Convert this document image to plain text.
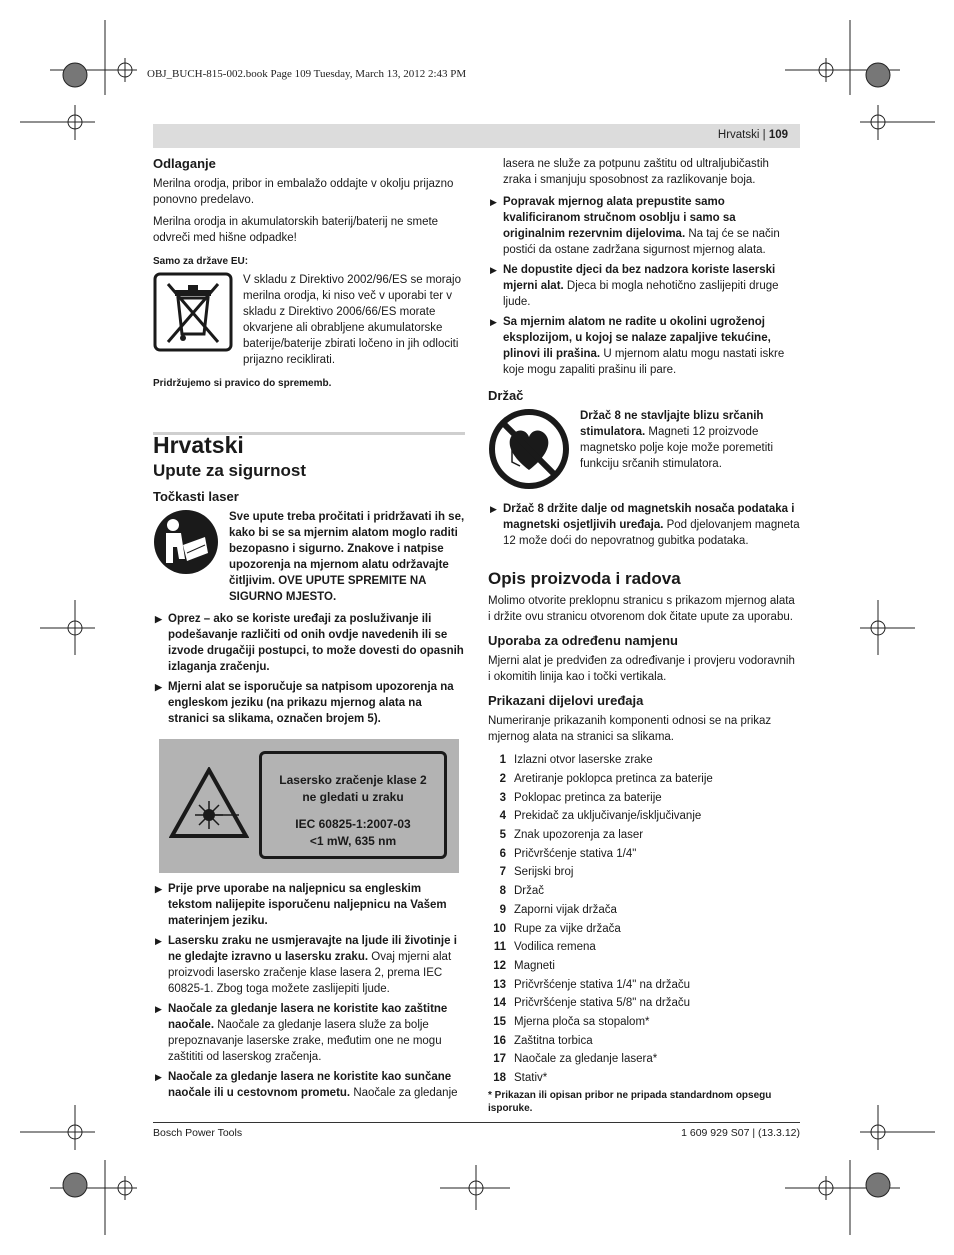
OBJ_BUCH-815-002.book Page 109 Tuesday, March 13, 2012 2:43 PM
Hrvatski | 109
Odlaganje

Merilna orodja, pribor in embalažo oddajte v okolju prijazno ponovno predelavo.

Merilna orodja in akumulatorskih baterij/baterij ne smete odvreči med hišne odpadke!

Samo za države EU:
V skladu z Direktivo 2002/96/ES se morajo merilna orodja, ki niso več v uporabi ter v skladu z Direktivo 2006/66/ES morate okvarjene ali obrabljene akumulatorske baterije/baterije zbirati ločeno in jih odlociti prijazno reciklirati.
Pridržujemo si pravico do sprememb.
Hrvatski
Upute za sigurnost
Točkasti laser
Sve upute treba pročitati i pridržavati ih se, kako bi se sa mjernim alatom moglo raditi bezopasno i sigurno. Znakove i natpise upozorenja na mjernom alatu održavajte čitljivim. OVE UPUTE SPREMITE NA SIGURNO MJESTO.
▶ Oprez – ako se koriste uređaji za posluživanje ili podešavanje različiti od onih ovdje navedenih ili se izvode drugačiji postupci, to može dovesti do opasnih izlaganja zračenju.
▶ Mjerni alat se isporučuje sa natpisom upozorenja na engleskom jeziku (na prikazu mjernog alata na stranici sa slikama, označen brojem 5).
Lasersko zračenje klase 2
ne gledati u zraku
IEC 60825-1:2007-03
<1 mW, 635 nm
▶ Prije prve uporabe na naljepnicu sa engleskim tekstom nalijepite isporučenu naljepnicu na Vašem materinjem jeziku.
▶ Lasersku zraku ne usmjeravajte na ljude ili životinje i ne gledajte izravno u lasersku zraku. Ovaj mjerni alat proizvodi lasersko zračenje klase lasera 2, prema IEC 60825-1. Zbog toga možete zaslijepiti ljude.
▶ Naočale za gledanje lasera ne koristite kao zaštitne naočale. Naočale za gledanje lasera služe za bolje prepoznavanje laserske zrake, međutim one ne mogu zaštititi od laserskog zračenja.
▶ Naočale za gledanje lasera ne koristite kao sunčane naočale ili u cestovnom prometu. Naočale za gledanje

lasera ne služe za potpunu zaštitu od ultraljubičastih zraka i smanjuju sposobnost za razlikovanje boja.

▶ Popravak mjernog alata prepustite samo kvalificiranom stručnom osoblju i samo sa originalnim rezervnim dijelovima. Na taj će se način postići da ostane zadržana sigurnost mjernog alata.
▶ Ne dopustite djeci da bez nadzora koriste laserski mjerni alat. Djeca bi mogla nehotično zaslijepiti druge ljude.
▶ Sa mjernim alatom ne radite u okolini ugroženoj eksplozijom, u kojoj se nalaze zapaljive tekućine, plinovi ili prašina. U mjernom alatu mogu nastati iskre koje mogu zapaliti prašinu ili pare.
Držač
Držač 8 ne stavljajte blizu srčanih stimulatora. Magneti 12 proizvode magnetsko polje koje može poremetiti funkciju srčanih stimulatora.
▶ Držač 8 držite dalje od magnetskih nosača podataka i magnetski osjetljivih uređaja. Pod djelovanjem magneta 12 može doći do nepovratnog gubitka podataka.
Opis proizvoda i radova

Molimo otvorite preklopnu stranicu s prikazom mjernog alata i držite ovu stranicu otvorenom dok čitate upute za uporabu.

Uporaba za određenu namjenu

Mjerni alat je predviđen za određivanje i provjeru vodoravnih i okomitih linija kao i točki vertikala.

Prikazani dijelovi uređaja

Numeriranje prikazanih komponenti odnosi se na prikaz mjernog alata na stranici sa slikama.

1 Izlazni otvor laserske zrake
2 Aretiranje poklopca pretinca za baterije
3 Poklopac pretinca za baterije
4 Prekidač za uključivanje/isključivanje
5 Znak upozorenja za laser
6 Pričvršćenje stativa 1/4"
7 Serijski broj
8 Držač
9 Zaporni vijak držača
10 Rupe za vijke držača
11 Vodilica remena
12 Magneti
13 Pričvršćenje stativa 1/4" na držaču
14 Pričvršćenje stativa 5/8" na držaču
15 Mjerna ploča sa stopalom*
16 Zaštitna torbica
17 Naočale za gledanje lasera*
18 Stativ*
* Prikazan ili opisan pribor ne pripada standardnom opsegu isporuke.
Bosch Power Tools	1 609 929 S07 | (13.3.12)
